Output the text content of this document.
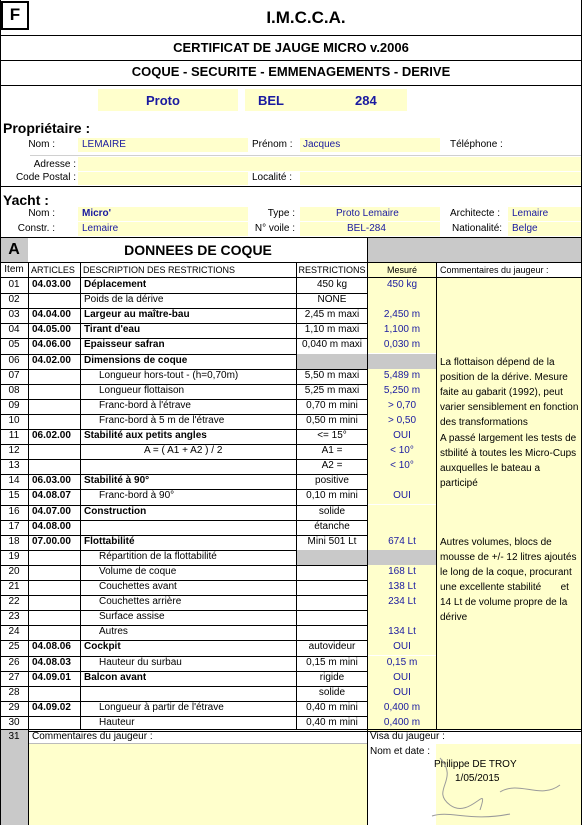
F	I.M.C.C.A.
CERTIFICAT DE JAUGE MICRO v.2006
COQUE - SECURITE - EMMENAGEMENTS - DERIVE
Proto	BEL	284
Propriétaire :
Nom :	LEMAIRE	Prénom : Jacques	Téléphone :
Adresse :
Code Postal :	Localité :
Yacht :
Nom :	Micro'	Type :	Proto Lemaire	Architecte : Lemaire
Constr. :	Lemaire	N° voile :	BEL-284	Nationalité: Belge
A	DONNEES DE COQUE
Item ARTICLES DESCRIPTION DES RESTRICTIONS	RESTRICTIONS	Mesuré	Commentaires du jaugeur :
01	04.03.00 Déplacement	450 kg	450 kg
02	Poids de la dérive	NONE
03	04.04.00 Largeur au maître-bau	2,45 m maxi	2,450 m
04	04.05.00 Tirant d'eau	1,10 m maxi	1,100 m
05	04.06.00 Epaisseur safran	0,040 m maxi	0,030 m
06	04.02.00 Dimensions de coque
07	Longueur hors-tout - (h=0,70m)	5,50 m maxi	5,489 m
08	Longueur flottaison	5,25 m maxi	5,250 m
09	Franc-bord à l'étrave	0,70 m mini	> 0,70
10	Franc-bord à 5 m de l'étrave	0,50 m mini	> 0,50
11	06.02.00 Stabilité aux petits angles	<= 15°	OUI
12	A = ( A1 + A2 ) / 2	A1 =	< 10°
13	A2 =	< 10°
14	06.03.00 Stabilité à 90°	positive
15	04.08.07	Franc-bord à 90°	0,10 m mini	OUI
16	04.07.00 Construction	solide
17	04.08.00	étanche
18	07.00.00 Flottabilité	Mini 501 Lt	674 Lt
19	Répartition de la flottabilité
20	Volume de coque	168 Lt
21	Couchettes avant	138 Lt
22	Couchettes arrière	234 Lt
23	Surface assise
24	Autres	134 Lt
25	04.08.06 Cockpit	autovideur	OUI
26	04.08.03	Hauteur du surbau	0,15 m mini	0,15 m
27	04.09.01 Balcon avant	rigide	OUI
28	solide	OUI
29	04.09.02	Longueur à partir de l'étrave	0,40 m mini	0,400 m
30	Hauteur	0,40 m mini	0,400 m
La flottaison dépend de la position de la dérive. Mesure faite au gabarit (1992), peut varier sensiblement en fonction des transformations
A passé largement les tests de stbilité à toutes les Micro-Cups auxquelles le bateau a participé
Autres volumes, blocs de mousse de +/- 12 litres ajoutés le long de la coque, procurant une excellente stabilité       et 14 Lt de volume propre de la dérive
31	Commentaires du jaugeur :	Visa du jaugeur :
Nom et date :
Philippe DE TROY
1/05/2015
